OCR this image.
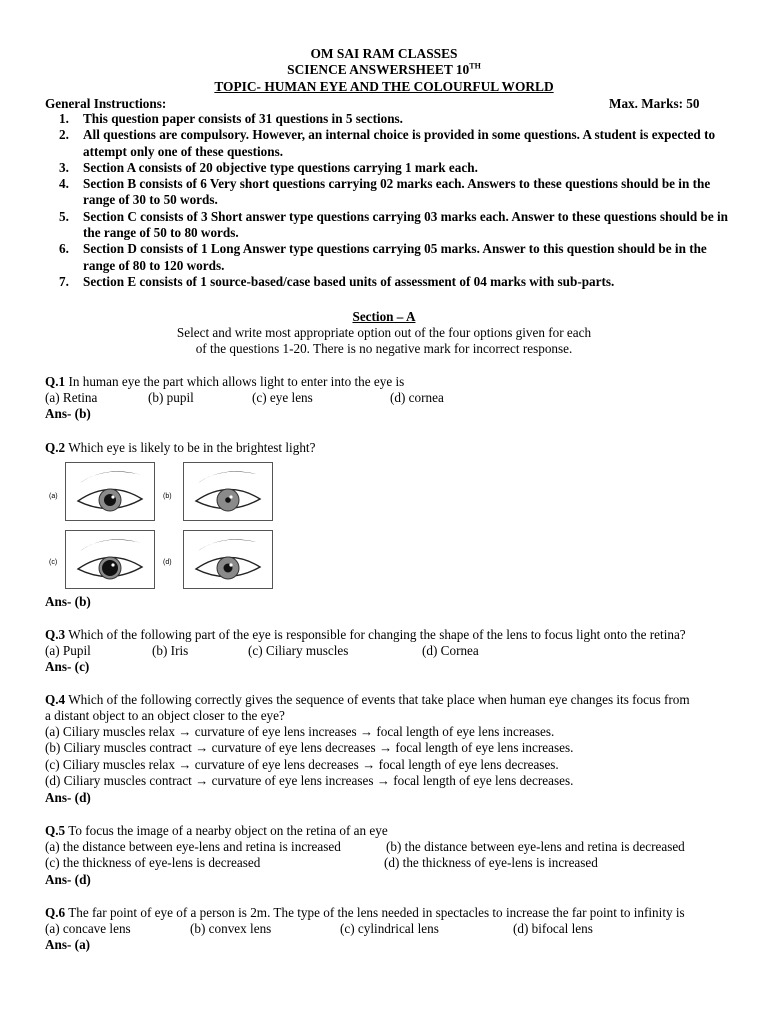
OM SAI RAM CLASSES
SCIENCE ANSWERSHEET 10TH
TOPIC- HUMAN EYE AND THE COLOURFUL WORLD
General Instructions:	Max. Marks: 50
1. This question paper consists of 31 questions in 5 sections.
2. All questions are compulsory. However, an internal choice is provided in some questions. A student is expected to attempt only one of these questions.
3. Section A consists of 20 objective type questions carrying 1 mark each.
4. Section B consists of 6 Very short questions carrying 02 marks each. Answers to these questions should be in the range of 30 to 50 words.
5. Section C consists of 3 Short answer type questions carrying 03 marks each. Answer to these questions should be in the range of 50 to 80 words.
6. Section D consists of 1 Long Answer type questions carrying 05 marks. Answer to this question should be in the range of 80 to 120 words.
7. Section E consists of 1 source-based/case based units of assessment of 04 marks with sub-parts.
Section – A
Select and write most appropriate option out of the four options given for each
of the questions 1-20. There is no negative mark for incorrect response.
Q.1 In human eye the part which allows light to enter into the eye is
(a) Retina	(b) pupil	(c) eye lens	(d) cornea
Ans- (b)
Q.2 Which eye is likely to be in the brightest light?
(a)	(b)
(c)	(d)
Ans- (b)
Q.3 Which of the following part of the eye is responsible for changing the shape of the lens to focus light onto the retina?
(a) Pupil	(b) Iris	(c) Ciliary muscles	(d) Cornea
Ans- (c)
Q.4 Which of the following correctly gives the sequence of events that take place when human eye changes its focus from
a distant object to an object closer to the eye?
(a) Ciliary muscles relax → curvature of eye lens increases → focal length of eye lens increases.
(b) Ciliary muscles contract → curvature of eye lens decreases → focal length of eye lens increases.
(c) Ciliary muscles relax → curvature of eye lens decreases → focal length of eye lens decreases.
(d) Ciliary muscles contract → curvature of eye lens increases → focal length of eye lens decreases.
Ans- (d)
Q.5 To focus the image of a nearby object on the retina of an eye
(a) the distance between eye-lens and retina is increased	(b) the distance between eye-lens and retina is decreased
(c) the thickness of eye-lens is decreased	(d) the thickness of eye-lens is increased
Ans- (d)
Q.6 The far point of eye of a person is 2m. The type of the lens needed in spectacles to increase the far point to infinity is
(a) concave lens	(b) convex lens	(c) cylindrical lens	(d) bifocal lens
Ans- (a)
